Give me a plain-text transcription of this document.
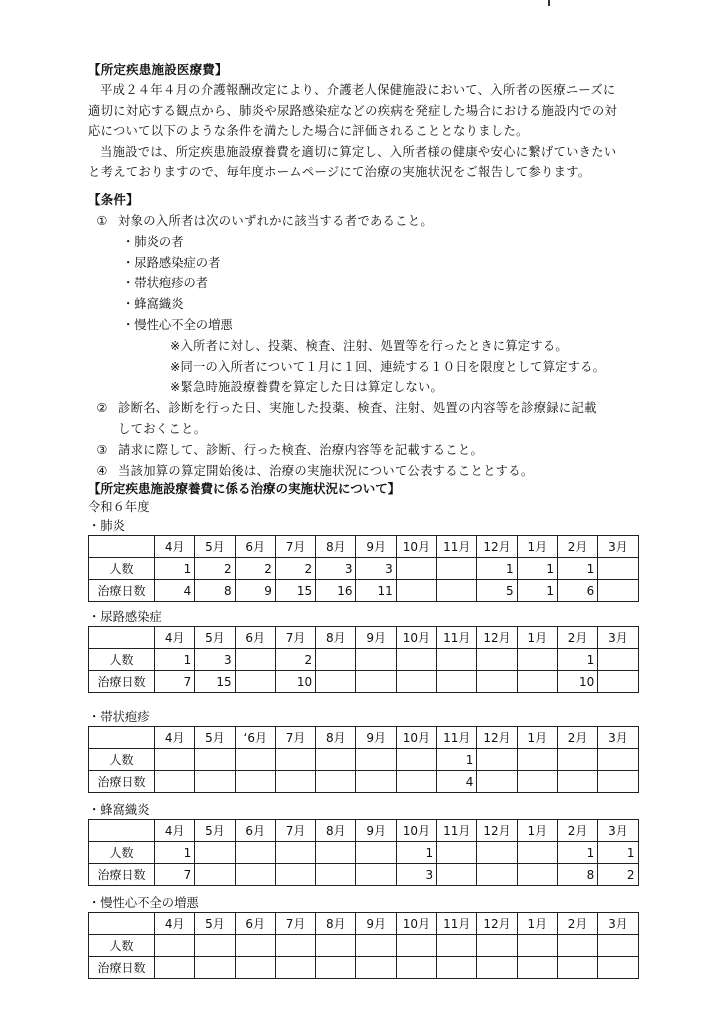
【所定疾患施設医療費】
平成２４年４月の介護報酬改定により、介護老人保健施設において、入所者の医療ニーズに
適切に対応する観点から、肺炎や尿路感染症などの疾病を発症した場合における施設内での対
応について以下のような条件を満たした場合に評価されることとなりました。
当施設では、所定疾患施設療養費を適切に算定し、入所者様の健康や安心に繋げていきたい
と考えておりますので、毎年度ホームページにて治療の実施状況をご報告して参ります。
【条件】
① 対象の入所者は次のいずれかに該当する者であること。
・肺炎の者
・尿路感染症の者
・帯状疱疹の者
・蜂窩織炎
・慢性心不全の増悪
※入所者に対し、投薬、検査、注射、処置等を行ったときに算定する。
※同一の入所者について１月に１回、連続する１０日を限度として算定する。
※緊急時施設療養費を算定した日は算定しない。
② 診断名、診断を行った日、実施した投薬、検査、注射、処置の内容等を診療録に記載
しておくこと。
③ 請求に際して、診断、行った検査、治療内容等を記載すること。
④ 当該加算の算定開始後は、治療の実施状況について公表することとする。
【所定疾患施設療養費に係る治療の実施状況について】
令和６年度
・肺炎
	4月	5月	6月	7月	8月	9月	10月	11月	12月	1月	2月	3月
人数	1	2	2	2	3	3			1	1	1	
治療日数	4	8	9	15	16	11			5	1	6	
・尿路感染症
	4月	5月	6月	7月	8月	9月	10月	11月	12月	1月	2月	3月
人数	1	3		2							1	
治療日数	7	15		10							10	
・帯状疱疹
	4月	5月	‘6月	7月	8月	9月	10月	11月	12月	1月	2月	3月
人数								1				
治療日数								4				
・蜂窩織炎
	4月	5月	6月	7月	8月	9月	10月	11月	12月	1月	2月	3月
人数	1						1				1	1
治療日数	7						3				8	2
・慢性心不全の増悪
	4月	5月	6月	7月	8月	9月	10月	11月	12月	1月	2月	3月
人数												
治療日数												
